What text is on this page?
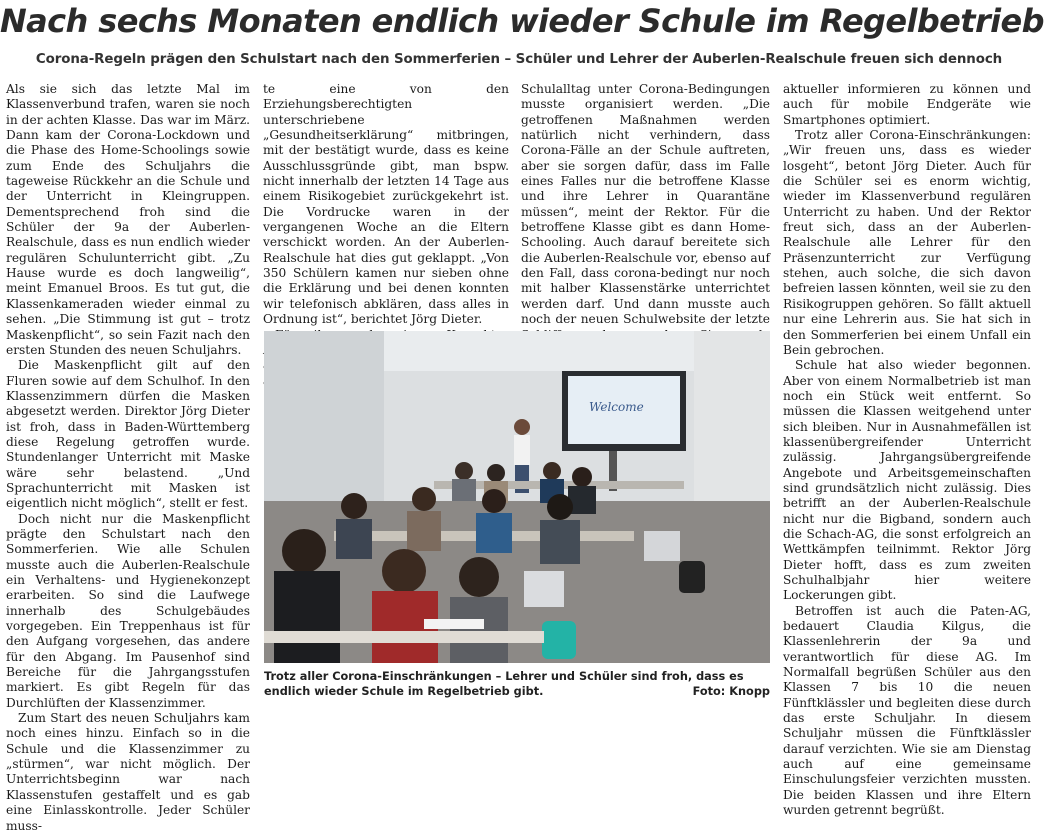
Nach sechs Monaten endlich wieder Schule im Regelbetrieb
Corona-Regeln prägen den Schulstart nach den Sommerferien – Schüler und Lehrer der Auberlen-Realschule freuen sich dennoch

Als sie sich das letzte Mal im Klassenverbund trafen, waren sie noch in der achten Klasse. Das war im März. Dann kam der Corona-Lockdown und die Phase des Home-Schoolings sowie zum Ende des Schuljahrs die tageweise Rückkehr an die Schule und der Unterricht in Kleingruppen. Dementsprechend froh sind die Schüler der 9a der Auberlen-Realschule, dass es nun endlich wieder regulären Schulunterricht gibt. „Zu Hause wurde es doch langweilig“, meint Emanuel Broos. Es tut gut, die Klassenkameraden wieder einmal zu sehen. „Die Stimmung ist gut – trotz Maskenpflicht“, so sein Fazit nach den ersten Stunden des neuen Schuljahrs.

Die Maskenpflicht gilt auf den Fluren sowie auf dem Schulhof. In den Klassenzimmern dürfen die Masken abgesetzt werden. Direktor Jörg Dieter ist froh, dass in Baden-Württemberg diese Regelung getroffen wurde. Stundenlanger Unterricht mit Maske wäre sehr belastend. „Und Sprachunterricht mit Masken ist eigentlich nicht möglich“, stellt er fest.

Doch nicht nur die Maskenpflicht prägte den Schulstart nach den Sommerferien. Wie alle Schulen musste auch die Auberlen-Realschule ein Verhaltens- und Hygienekonzept erarbeiten. So sind die Laufwege innerhalb des Schulgebäudes vorgegeben. Ein Treppenhaus ist für den Aufgang vorgesehen, das andere für den Abgang. Im Pausenhof sind Bereiche für die Jahrgangsstufen markiert. Es gibt Regeln für das Durchlüften der Klassenzimmer.

Zum Start des neuen Schuljahrs kam noch eines hinzu. Einfach so in die Schule und die Klassenzimmer zu „stürmen“, war nicht möglich. Der Unterrichtsbeginn war nach Klassenstufen gestaffelt und es gab eine Einlasskontrolle. Jeder Schüler muss-

te eine von den Erziehungsberechtigten unterschriebene „Gesundheitserklärung“ mitbringen, mit der bestätigt wurde, dass es keine Ausschlussgründe gibt, man bspw. nicht innerhalb der letzten 14 Tage aus einem Risikogebiet zurückgekehrt ist. Die Vordrucke waren in der vergangenen Woche an die Eltern verschickt worden. An der Auberlen-Realschule hat dies gut geklappt. „Von 350 Schülern kamen nur sieben ohne die Erklärung und bei denen konnten wir telefonisch abklären, dass alles in Ordnung ist“, berichtet Jörg Dieter.

Schulalltag unter Corona-Bedingungen musste organisiert werden. „Die getroffenen Maßnahmen werden natürlich nicht verhindern, dass Corona-Fälle an der Schule auftreten, aber sie sorgen dafür, dass im Falle eines Falles nur die betroffene Klasse und ihre Lehrer in Quarantäne müssen“, meint der Rektor. Für die betroffene Klasse gibt es dann Home-Schooling. Auch darauf bereitete sich die Auberlen-Realschule vor, ebenso auf den Fall, dass corona-bedingt nur noch mit halber Klassenstärke unterrichtet werden darf. Und dann musste auch noch der neuen Schulwebsite der letzte

aktueller informieren zu können und auch für mobile Endgeräte wie Smartphones optimiert.

Trotz aller Corona-Einschränkungen: „Wir freuen uns, dass es wieder losgeht“, betont Jörg Dieter. Auch für die Schüler sei es enorm wichtig, wieder im Klassenverbund regulären Unterricht zu haben. Und der Rektor freut sich, dass an der Auberlen-Realschule alle Lehrer für den Präsenzunterricht zur Verfügung stehen, auch solche, die sich davon befreien lassen könnten, weil sie zu den Risikogruppen gehören. So fällt aktuell nur eine Lehrerin aus. Sie hat sich in den Sommerferien bei einem Unfall ein Bein gebrochen.

Schule hat also wieder begonnen. Aber von einem Normalbetrieb ist man noch ein Stück weit entfernt. So müssen die Klassen weitgehend unter sich bleiben. Nur in Ausnahmefällen ist klassenübergreifender Unterricht zulässig. Jahrgangsübergreifende Angebote und Arbeitsgemeinschaften sind grundsätzlich nicht zulässig. Dies betrifft an der Auberlen-Realschule nicht nur die Bigband, sondern auch die Schach-AG, die sonst erfolgreich an Wettkämpfen teilnimmt. Rektor Jörg Dieter hofft, dass es zum zweiten Schulhalbjahr hier weitere Lockerungen gibt.

Betroffen ist auch die Paten-AG, bedauert Claudia Kilgus, die Klassenlehrerin der 9a und verantwortlich für diese AG. Im Normalfall begrüßen Schüler aus den Klassen 7 bis 10 die neuen Fünftklässler und begleiten diese durch das erste Schuljahr. In diesem Schuljahr müssen die Fünftklässler darauf verzichten. Wie sie am Dienstag auch auf eine gemeinsame Einschulungsfeier verzichten mussten. Die beiden Klassen und ihre Eltern wurden getrennt begrüßt.

Welcome
Trotz aller Corona-Einschränkungen – Lehrer und Schüler sind froh, dass es endlich wieder Schule im Regelbetrieb gibt.	Foto: Knopp
